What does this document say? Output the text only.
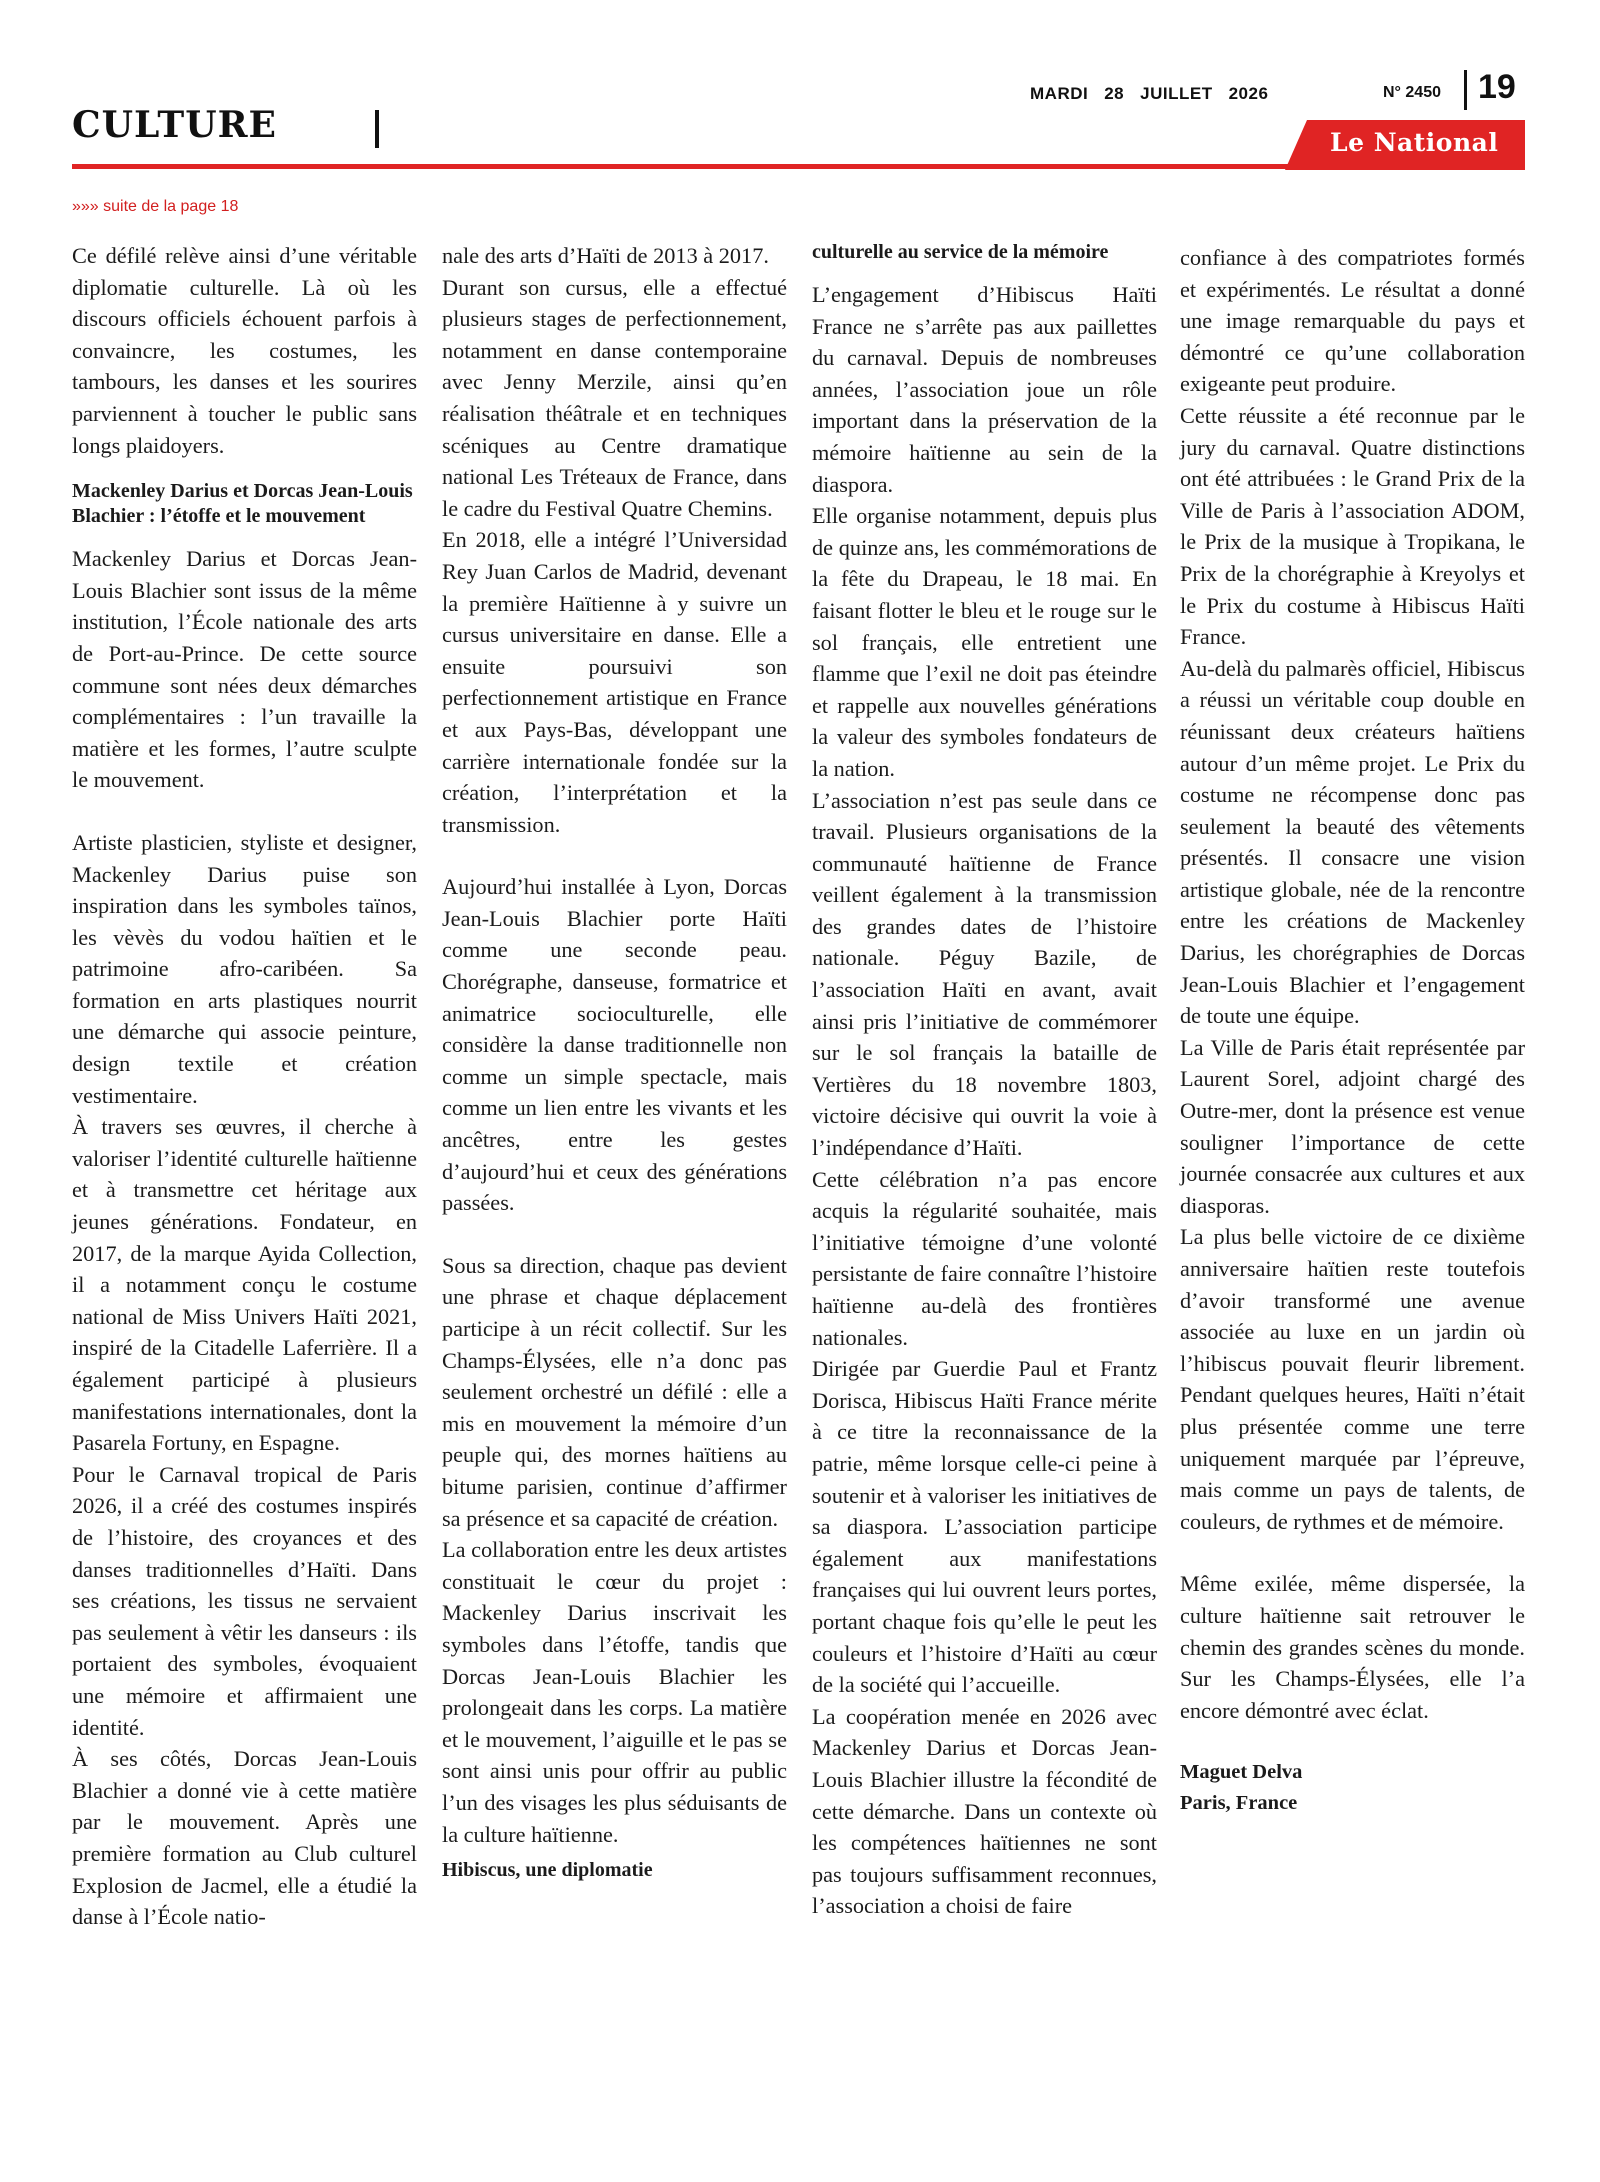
CULTURE
MARDI 28 JUILLET 2026	N° 2450 19
Le National
»»» suite de la page 18

Ce défilé relève ainsi d’une véritable diplomatie culturelle. Là où les discours officiels échouent parfois à convaincre, les costumes, les tambours, les danses et les sourires parviennent à toucher le public sans longs plaidoyers.

Mackenley Darius et Dorcas Jean-Louis Blachier : l’étoffe et le mouvement

Mackenley Darius et Dorcas Jean-Louis Blachier sont issus de la même institution, l’École nationale des arts de Port-au-Prince. De cette source commune sont nées deux démarches complémentaires : l’un travaille la matière et les formes, l’autre sculpte le mouvement.

Artiste plasticien, styliste et designer, Mackenley Darius puise son inspiration dans les symboles taïnos, les vèvès du vodou haïtien et le patrimoine afro-caribéen. Sa formation en arts plastiques nourrit une démarche qui associe peinture, design textile et création vestimentaire.

À travers ses œuvres, il cherche à valoriser l’identité culturelle haïtienne et à transmettre cet héritage aux jeunes générations. Fondateur, en 2017, de la marque Ayida Collection, il a notamment conçu le costume national de Miss Univers Haïti 2021, inspiré de la Citadelle Laferrière. Il a également participé à plusieurs manifestations internationales, dont la Pasarela Fortuny, en Espagne.

Pour le Carnaval tropical de Paris 2026, il a créé des costumes inspirés de l’histoire, des croyances et des danses traditionnelles d’Haïti. Dans ses créations, les tissus ne servaient pas seulement à vêtir les danseurs : ils portaient des symboles, évoquaient une mémoire et affirmaient une identité.

À ses côtés, Dorcas Jean-Louis Blachier a donné vie à cette matière par le mouvement. Après une première formation au Club culturel Explosion de Jacmel, elle a étudié la danse à l’École natio-

nale des arts d’Haïti de 2013 à 2017.

Durant son cursus, elle a effectué plusieurs stages de perfectionnement, notamment en danse contemporaine avec Jenny Merzile, ainsi qu’en réalisation théâtrale et en techniques scéniques au Centre dramatique national Les Tréteaux de France, dans le cadre du Festival Quatre Chemins.

En 2018, elle a intégré l’Universidad Rey Juan Carlos de Madrid, devenant la première Haïtienne à y suivre un cursus universitaire en danse. Elle a ensuite poursuivi son perfectionnement artistique en France et aux Pays-Bas, développant une carrière internationale fondée sur la création, l’interprétation et la transmission.

Aujourd’hui installée à Lyon, Dorcas Jean-Louis Blachier porte Haïti comme une seconde peau. Chorégraphe, danseuse, formatrice et animatrice socioculturelle, elle considère la danse traditionnelle non comme un simple spectacle, mais comme un lien entre les vivants et les ancêtres, entre les gestes d’aujourd’hui et ceux des générations passées.

Sous sa direction, chaque pas devient une phrase et chaque déplacement participe à un récit collectif. Sur les Champs-Élysées, elle n’a donc pas seulement orchestré un défilé : elle a mis en mouvement la mémoire d’un peuple qui, des mornes haïtiens au bitume parisien, continue d’affirmer sa présence et sa capacité de création.

La collaboration entre les deux artistes constituait le cœur du projet : Mackenley Darius inscrivait les symboles dans l’étoffe, tandis que Dorcas Jean-Louis Blachier les prolongeait dans les corps. La matière et le mouvement, l’aiguille et le pas se sont ainsi unis pour offrir au public l’un des visages les plus séduisants de la culture haïtienne.

Hibiscus, une diplomatie
culturelle au service de la mémoire

L’engagement d’Hibiscus Haïti France ne s’arrête pas aux paillettes du carnaval. Depuis de nombreuses années, l’association joue un rôle important dans la préservation de la mémoire haïtienne au sein de la diaspora.

Elle organise notamment, depuis plus de quinze ans, les commémorations de la fête du Drapeau, le 18 mai. En faisant flotter le bleu et le rouge sur le sol français, elle entretient une flamme que l’exil ne doit pas éteindre et rappelle aux nouvelles générations la valeur des symboles fondateurs de la nation.

L’association n’est pas seule dans ce travail. Plusieurs organisations de la communauté haïtienne de France veillent également à la transmission des grandes dates de l’histoire nationale. Péguy Bazile, de l’association Haïti en avant, avait ainsi pris l’initiative de commémorer sur le sol français la bataille de Vertières du 18 novembre 1803, victoire décisive qui ouvrit la voie à l’indépendance d’Haïti.

Cette célébration n’a pas encore acquis la régularité souhaitée, mais l’initiative témoigne d’une volonté persistante de faire connaître l’histoire haïtienne au-delà des frontières nationales.

Dirigée par Guerdie Paul et Frantz Dorisca, Hibiscus Haïti France mérite à ce titre la reconnaissance de la patrie, même lorsque celle-ci peine à soutenir et à valoriser les initiatives de sa diaspora. L’association participe également aux manifestations françaises qui lui ouvrent leurs portes, portant chaque fois qu’elle le peut les couleurs et l’histoire d’Haïti au cœur de la société qui l’accueille.

La coopération menée en 2026 avec Mackenley Darius et Dorcas Jean-Louis Blachier illustre la fécondité de cette démarche. Dans un contexte où les compétences haïtiennes ne sont pas toujours suffisamment reconnues, l’association a choisi de faire

confiance à des compatriotes formés et expérimentés. Le résultat a donné une image remarquable du pays et démontré ce qu’une collaboration exigeante peut produire.

Cette réussite a été reconnue par le jury du carnaval. Quatre distinctions ont été attribuées : le Grand Prix de la Ville de Paris à l’association ADOM, le Prix de la musique à Tropikana, le Prix de la chorégraphie à Kreyolys et le Prix du costume à Hibiscus Haïti France.

Au-delà du palmarès officiel, Hibiscus a réussi un véritable coup double en réunissant deux créateurs haïtiens autour d’un même projet. Le Prix du costume ne récompense donc pas seulement la beauté des vêtements présentés. Il consacre une vision artistique globale, née de la rencontre entre les créations de Mackenley Darius, les chorégraphies de Dorcas Jean-Louis Blachier et l’engagement de toute une équipe.

La Ville de Paris était représentée par Laurent Sorel, adjoint chargé des Outre-mer, dont la présence est venue souligner l’importance de cette journée consacrée aux cultures et aux diasporas.

La plus belle victoire de ce dixième anniversaire haïtien reste toutefois d’avoir transformé une avenue associée au luxe en un jardin où l’hibiscus pouvait fleurir librement. Pendant quelques heures, Haïti n’était plus présentée comme une terre uniquement marquée par l’épreuve, mais comme un pays de talents, de couleurs, de rythmes et de mémoire.

Même exilée, même dispersée, la culture haïtienne sait retrouver le chemin des grandes scènes du monde. Sur les Champs-Élysées, elle l’a encore démontré avec éclat.

Maguet Delva
Paris, France
